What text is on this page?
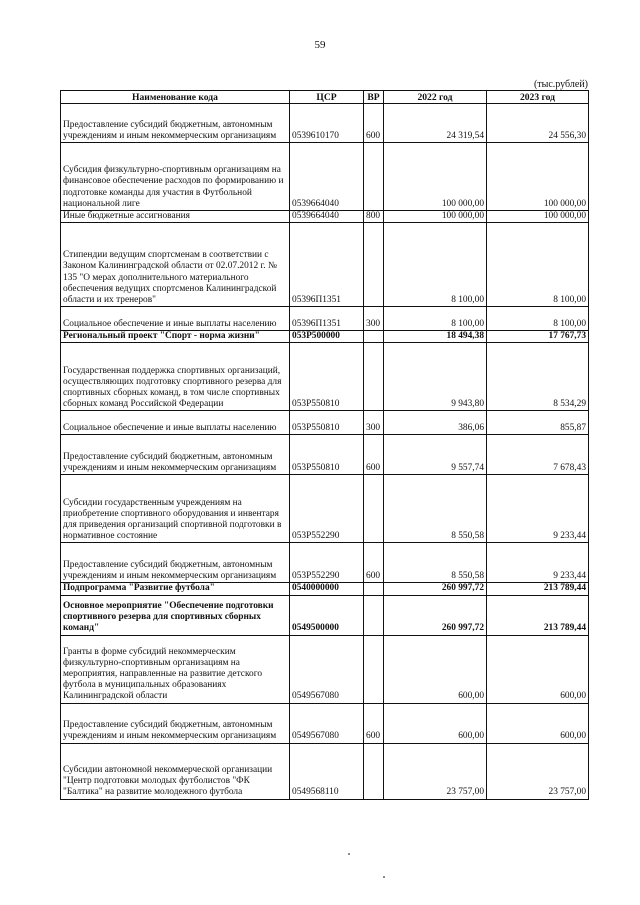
59
(тыс.рублей)
Наименование кода	ЦСР	ВР	2022 год	2023 год
Предоставление субсидий бюджетным, автономным учреждениям и иным некоммерческим организациям	0539610170	600	24 319,54	24 556,30
Субсидия физкультурно-спортивным организациям на финансовое обеспечение расходов по формированию и подготовке команды для участия в Футбольной национальной лиге	0539664040		100 000,00	100 000,00
Иные бюджетные ассигнования	0539664040	800	100 000,00	100 000,00
Стипендии ведущим спортсменам в соответствии с Законом Калининградской области от 02.07.2012 г. № 135 "О мерах дополнительного материального обеспечения ведущих спортсменов Калининградской области и их тренеров"	05396П1351		8 100,00	8 100,00
Социальное обеспечение и иные выплаты населению	05396П1351	300	8 100,00	8 100,00
Региональный проект "Спорт - норма жизни"	053Р500000		18 494,38	17 767,73
Государственная поддержка спортивных организаций, осуществляющих подготовку спортивного резерва для спортивных сборных команд, в том числе спортивных сборных команд Российской Федерации	053Р550810		9 943,80	8 534,29
Социальное обеспечение и иные выплаты населению	053Р550810	300	386,06	855,87
Предоставление субсидий бюджетным, автономным учреждениям и иным некоммерческим организациям	053Р550810	600	9 557,74	7 678,43
Субсидии государственным учреждениям на приобретение спортивного оборудования и инвентаря для приведения организаций спортивной подготовки в нормативное состояние	053Р552290		8 550,58	9 233,44
Предоставление субсидий бюджетным, автономным учреждениям и иным некоммерческим организациям	053Р552290	600	8 550,58	9 233,44
Подпрограмма "Развитие футбола"	0540000000		260 997,72	213 789,44
Основное мероприятие "Обеспечение подготовки спортивного резерва для спортивных сборных команд"	0549500000		260 997,72	213 789,44
Гранты в форме субсидий некоммерческим физкультурно-спортивным организациям на мероприятия, направленные на развитие детского футбола в муниципальных образованиях Калининградской области	0549567080		600,00	600,00
Предоставление субсидий бюджетным, автономным учреждениям и иным некоммерческим организациям	0549567080	600	600,00	600,00
Субсидии автономной некоммерческой организации "Центр подготовки молодых футболистов "ФК "Балтика" на развитие молодежного футбола	0549568110		23 757,00	23 757,00
